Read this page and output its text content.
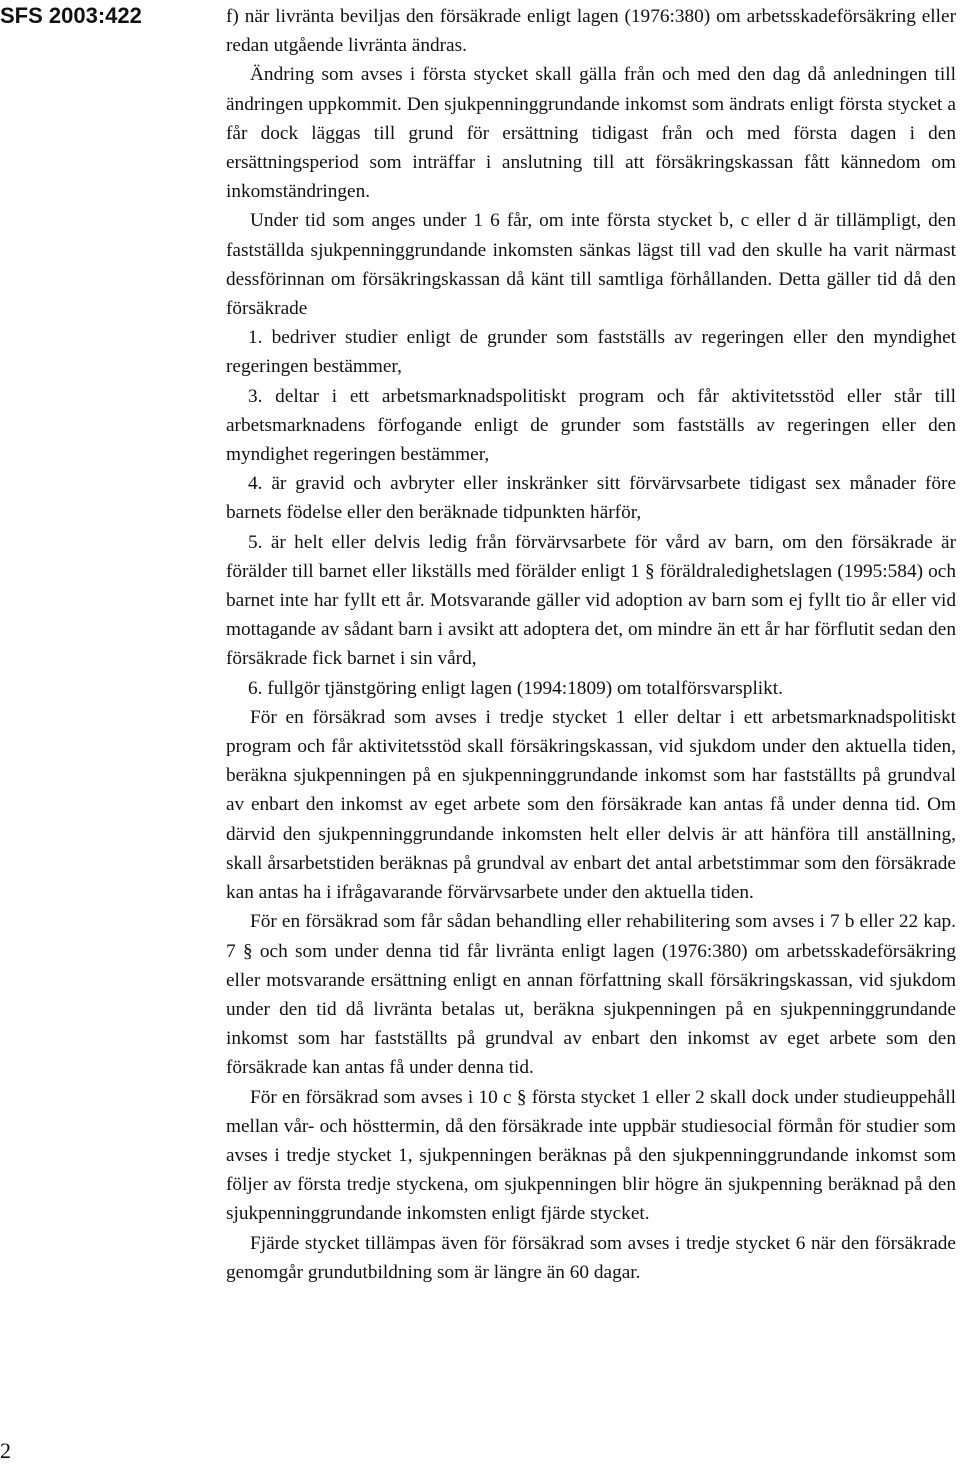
SFS 2003:422	f) när livränta beviljas den försäkrade enligt lagen (1976:380) om arbetsskadeförsäkring eller redan utgående livränta ändras.

Ändring som avses i första stycket skall gälla från och med den dag då anledningen till ändringen uppkommit. Den sjukpenninggrundande inkomst som ändrats enligt första stycket a får dock läggas till grund för ersättning tidigast från och med första dagen i den ersättningsperiod som inträffar i anslutning till att försäkringskassan fått kännedom om inkomständringen.

Under tid som anges under 1 6 får, om inte första stycket b, c eller d är tillämpligt, den fastställda sjukpenninggrundande inkomsten sänkas lägst till vad den skulle ha varit närmast dessförinnan om försäkringskassan då känt till samtliga förhållanden. Detta gäller tid då den försäkrade

1. bedriver studier enligt de grunder som fastställs av regeringen eller den myndighet regeringen bestämmer,

3. deltar i ett arbetsmarknadspolitiskt program och får aktivitetsstöd eller står till arbetsmarknadens förfogande enligt de grunder som fastställs av regeringen eller den myndighet regeringen bestämmer,

4. är gravid och avbryter eller inskränker sitt förvärvsarbete tidigast sex månader före barnets födelse eller den beräknade tidpunkten härför,

5. är helt eller delvis ledig från förvärvsarbete för vård av barn, om den försäkrade är förälder till barnet eller likställs med förälder enligt 1 § föräldraledighetslagen (1995:584) och barnet inte har fyllt ett år. Motsvarande gäller vid adoption av barn som ej fyllt tio år eller vid mottagande av sådant barn i avsikt att adoptera det, om mindre än ett år har förflutit sedan den försäkrade fick barnet i sin vård,

6. fullgör tjänstgöring enligt lagen (1994:1809) om totalförsvarsplikt.

För en försäkrad som avses i tredje stycket 1 eller deltar i ett arbetsmarknadspolitiskt program och får aktivitetsstöd skall försäkringskassan, vid sjukdom under den aktuella tiden, beräkna sjukpenningen på en sjukpenninggrundande inkomst som har fastställts på grundval av enbart den inkomst av eget arbete som den försäkrade kan antas få under denna tid. Om därvid den sjukpenninggrundande inkomsten helt eller delvis är att hänföra till anställning, skall årsarbetstiden beräknas på grundval av enbart det antal arbetstimmar som den försäkrade kan antas ha i ifrågavarande förvärvsarbete under den aktuella tiden.

För en försäkrad som får sådan behandling eller rehabilitering som avses i 7 b eller 22 kap. 7 § och som under denna tid får livränta enligt lagen (1976:380) om arbetsskadeförsäkring eller motsvarande ersättning enligt en annan författning skall försäkringskassan, vid sjukdom under den tid då livränta betalas ut, beräkna sjukpenningen på en sjukpenninggrundande inkomst som har fastställts på grundval av enbart den inkomst av eget arbete som den försäkrade kan antas få under denna tid.

För en försäkrad som avses i 10 c § första stycket 1 eller 2 skall dock under studieuppehåll mellan vår- och hösttermin, då den försäkrade inte uppbär studiesocial förmån för studier som avses i tredje stycket 1, sjukpenningen beräknas på den sjukpenninggrundande inkomst som följer av första tredje styckena, om sjukpenningen blir högre än sjukpenning beräknad på den sjukpenninggrundande inkomsten enligt fjärde stycket.

Fjärde stycket tillämpas även för försäkrad som avses i tredje stycket 6 när den försäkrade genomgår grundutbildning som är längre än 60 dagar.

2
